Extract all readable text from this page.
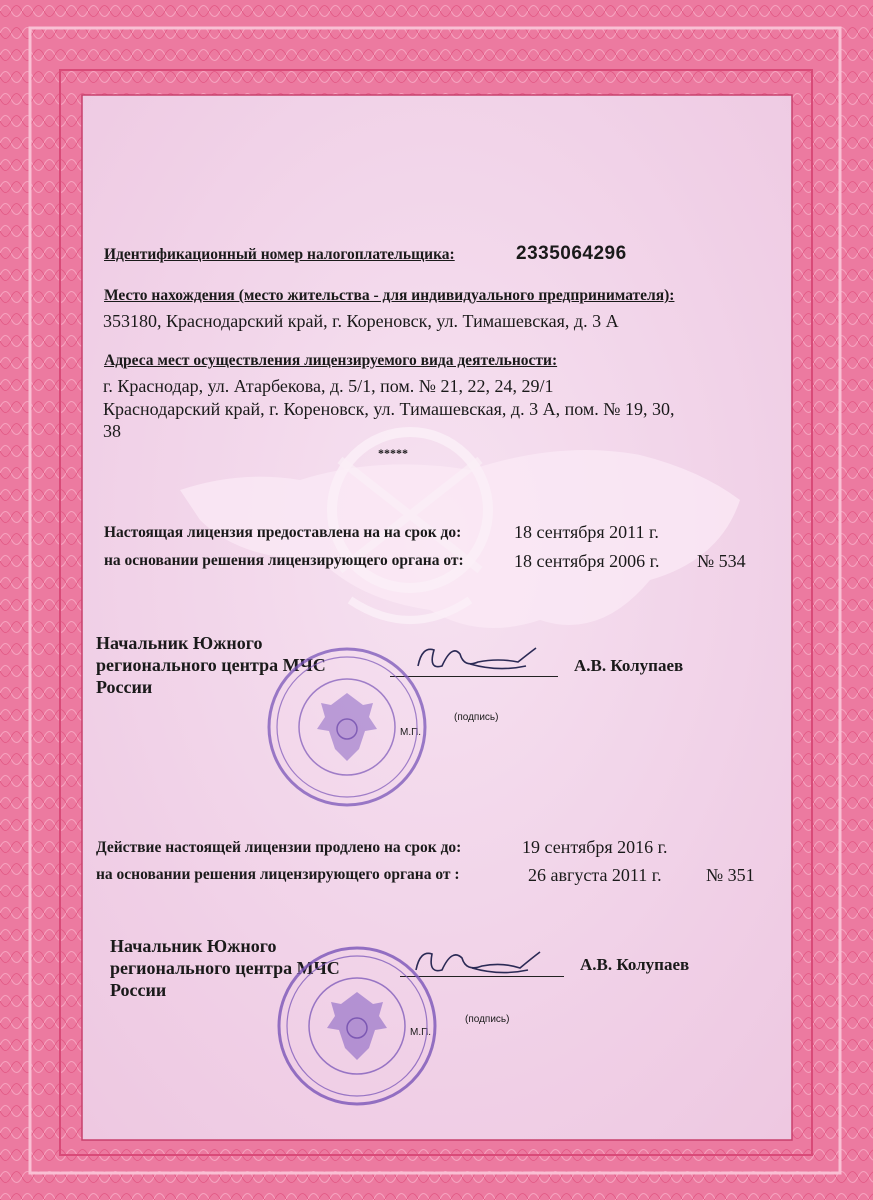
Идентификационный номер налогоплательщика:	2335064296
Место нахождения (место жительства - для индивидуального предпринимателя):
353180, Краснодарский край, г. Кореновск, ул. Тимашевская, д. 3 А
Адреса мест осуществления лицензируемого вида деятельности:
г. Краснодар, ул. Атарбекова, д. 5/1, пом. № 21, 22, 24, 29/1
Краснодарский край, г. Кореновск, ул. Тимашевская, д. 3 А, пом. № 19, 30,
38
*****
Настоящая лицензия предоставлена на на срок до:	18 сентября 2011 г.
на основании решения лицензирующего органа от:	18 сентября 2006 г. № 534
Начальник Южного регионального центра МЧС России
А.В. Колупаев
(подпись)
М.П.
Действие настоящей лицензии продлено на срок до:	19 сентября 2016 г.
на основании решения лицензирующего органа от :	26 августа 2011 г. № 351
Начальник Южного регионального центра МЧС России
А.В. Колупаев
(подпись)
М.П.
